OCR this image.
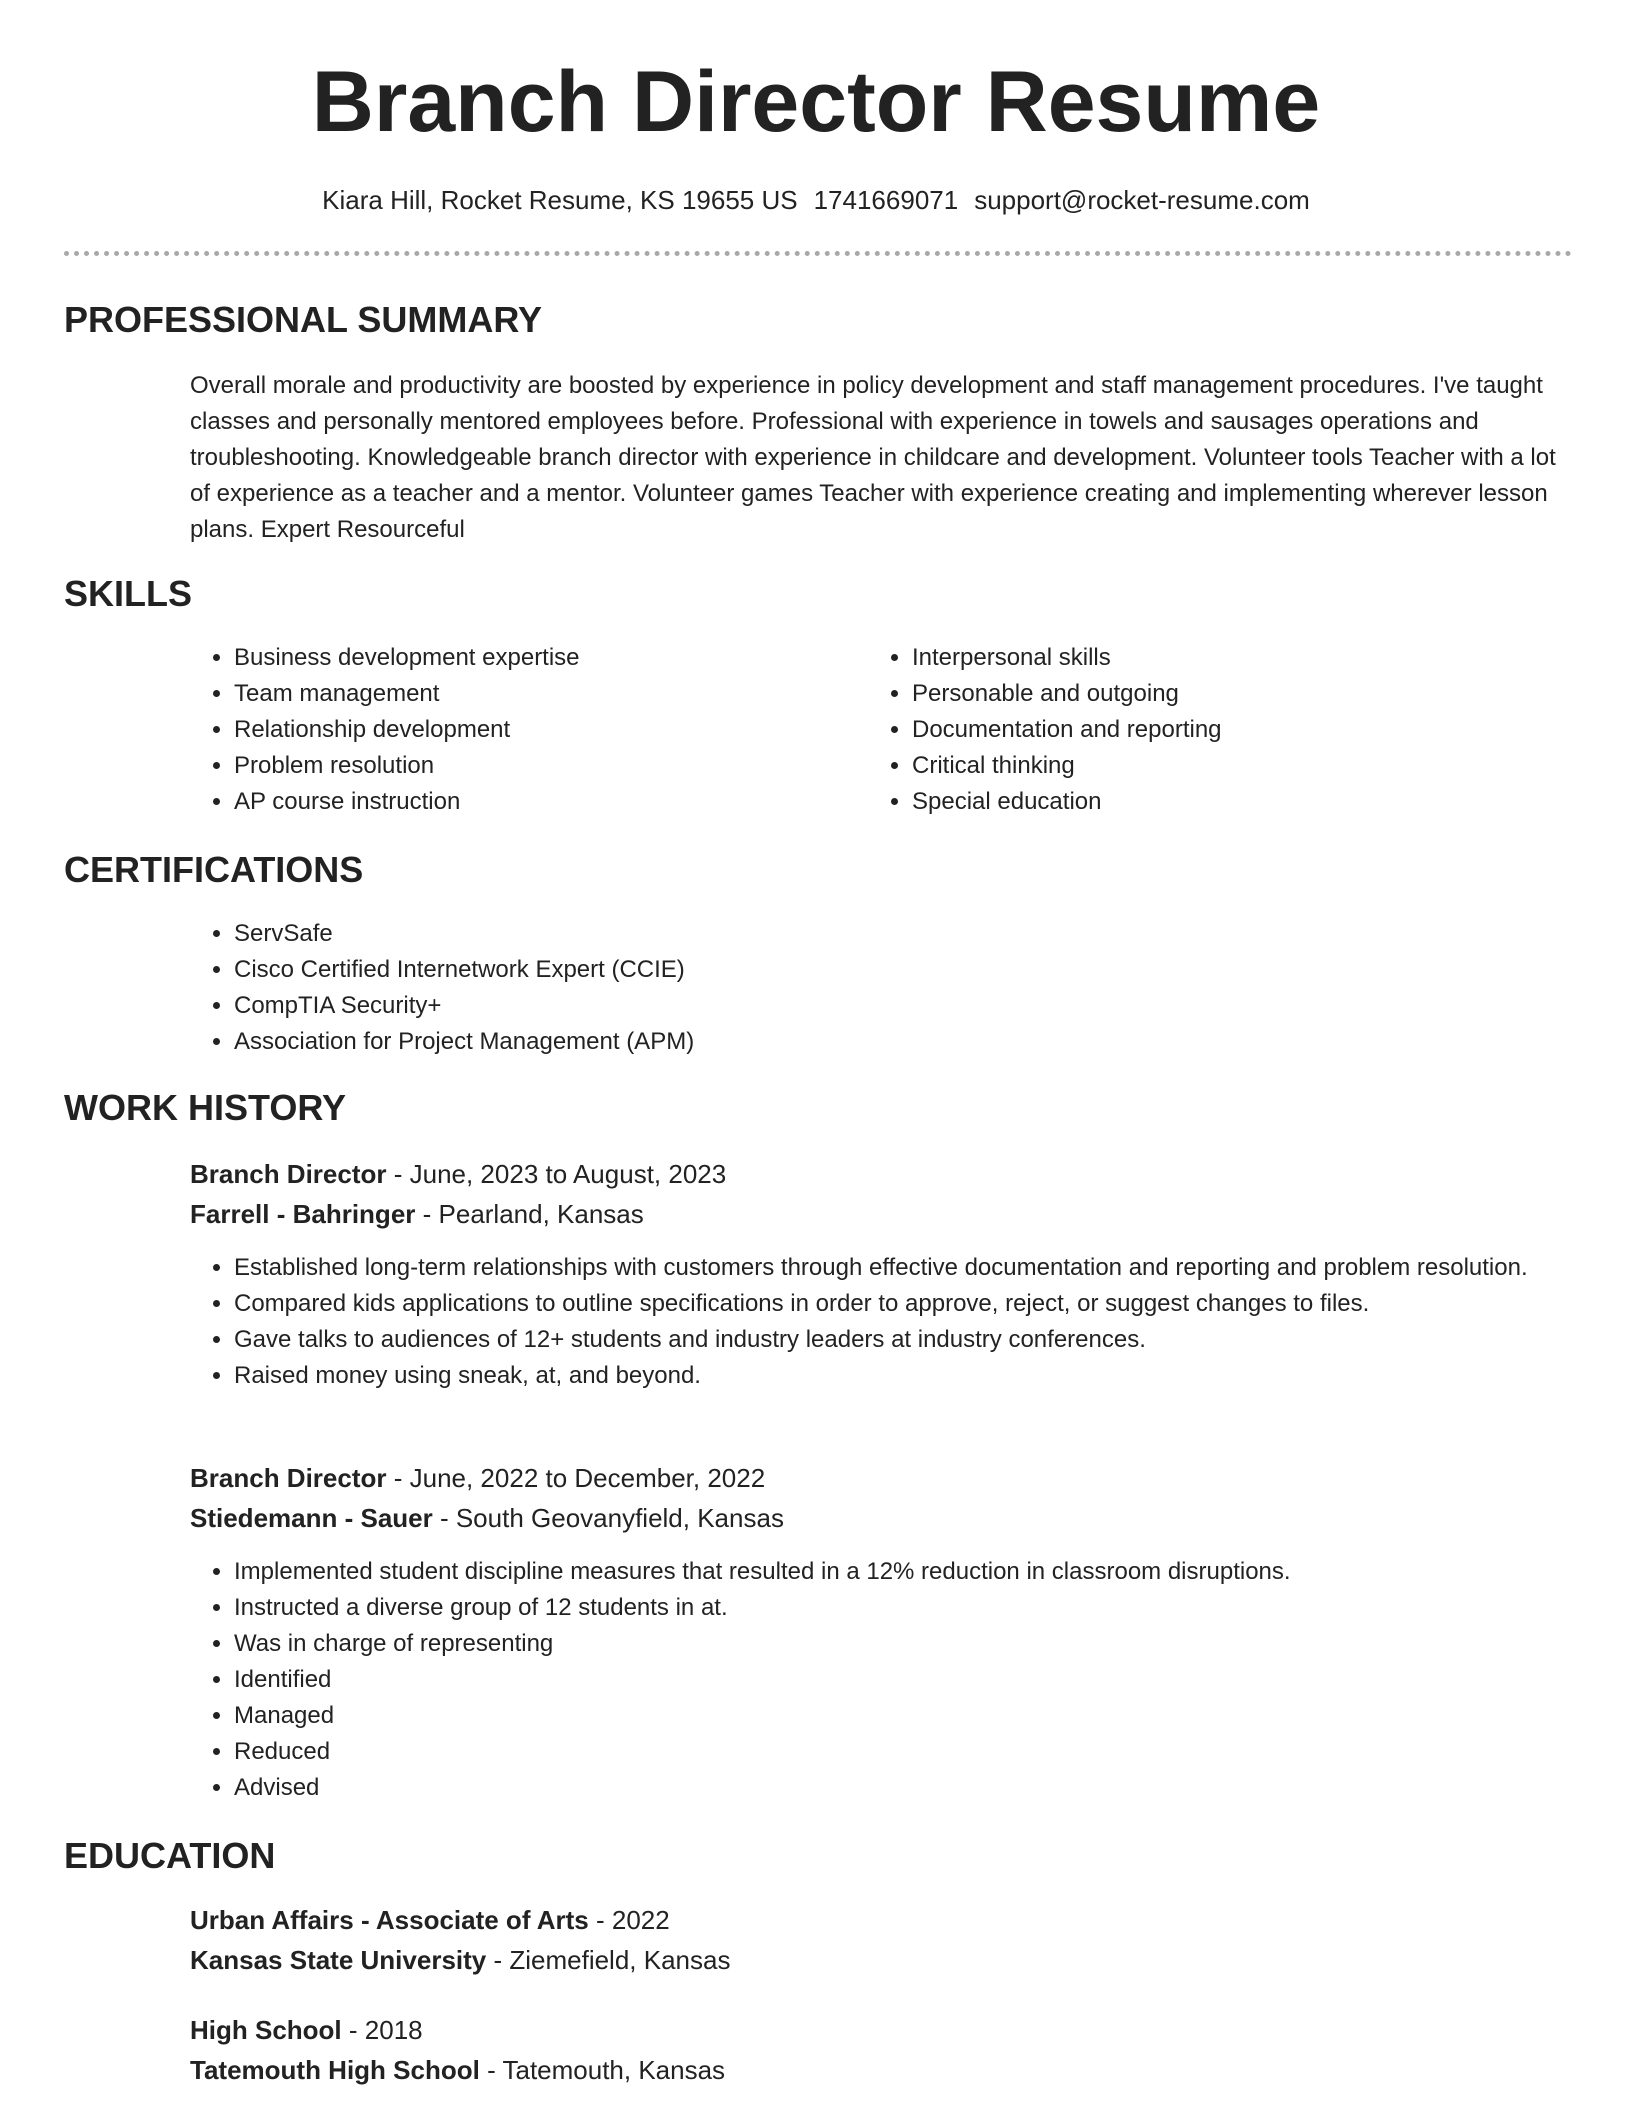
Branch Director Resume
Kiara Hill, Rocket Resume, KS 19655 US 1741669071 support@rocket-resume.com
PROFESSIONAL SUMMARY

Overall morale and productivity are boosted by experience in policy development and staff management procedures. I've taught classes and personally mentored employees before. Professional with experience in towels and sausages operations and troubleshooting. Knowledgeable branch director with experience in childcare and development. Volunteer tools Teacher with a lot of experience as a teacher and a mentor. Volunteer games Teacher with experience creating and implementing wherever lesson plans. Expert Resourceful

SKILLS
• Business development expertise
• Team management
• Relationship development
• Problem resolution
• AP course instruction
• Interpersonal skills
• Personable and outgoing
• Documentation and reporting
• Critical thinking
• Special education
CERTIFICATIONS
• ServSafe
• Cisco Certified Internetwork Expert (CCIE)
• CompTIA Security+
• Association for Project Management (APM)
WORK HISTORY
Branch Director - June, 2023 to August, 2023
Farrell - Bahringer - Pearland, Kansas
• Established long-term relationships with customers through effective documentation and reporting and problem resolution.
• Compared kids applications to outline specifications in order to approve, reject, or suggest changes to files.
• Gave talks to audiences of 12+ students and industry leaders at industry conferences.
• Raised money using sneak, at, and beyond.
Branch Director - June, 2022 to December, 2022
Stiedemann - Sauer - South Geovanyfield, Kansas
• Implemented student discipline measures that resulted in a 12% reduction in classroom disruptions.
• Instructed a diverse group of 12 students in at.
• Was in charge of representing
• Identified
• Managed
• Reduced
• Advised
EDUCATION
Urban Affairs - Associate of Arts - 2022
Kansas State University - Ziemefield, Kansas
High School - 2018
Tatemouth High School - Tatemouth, Kansas
